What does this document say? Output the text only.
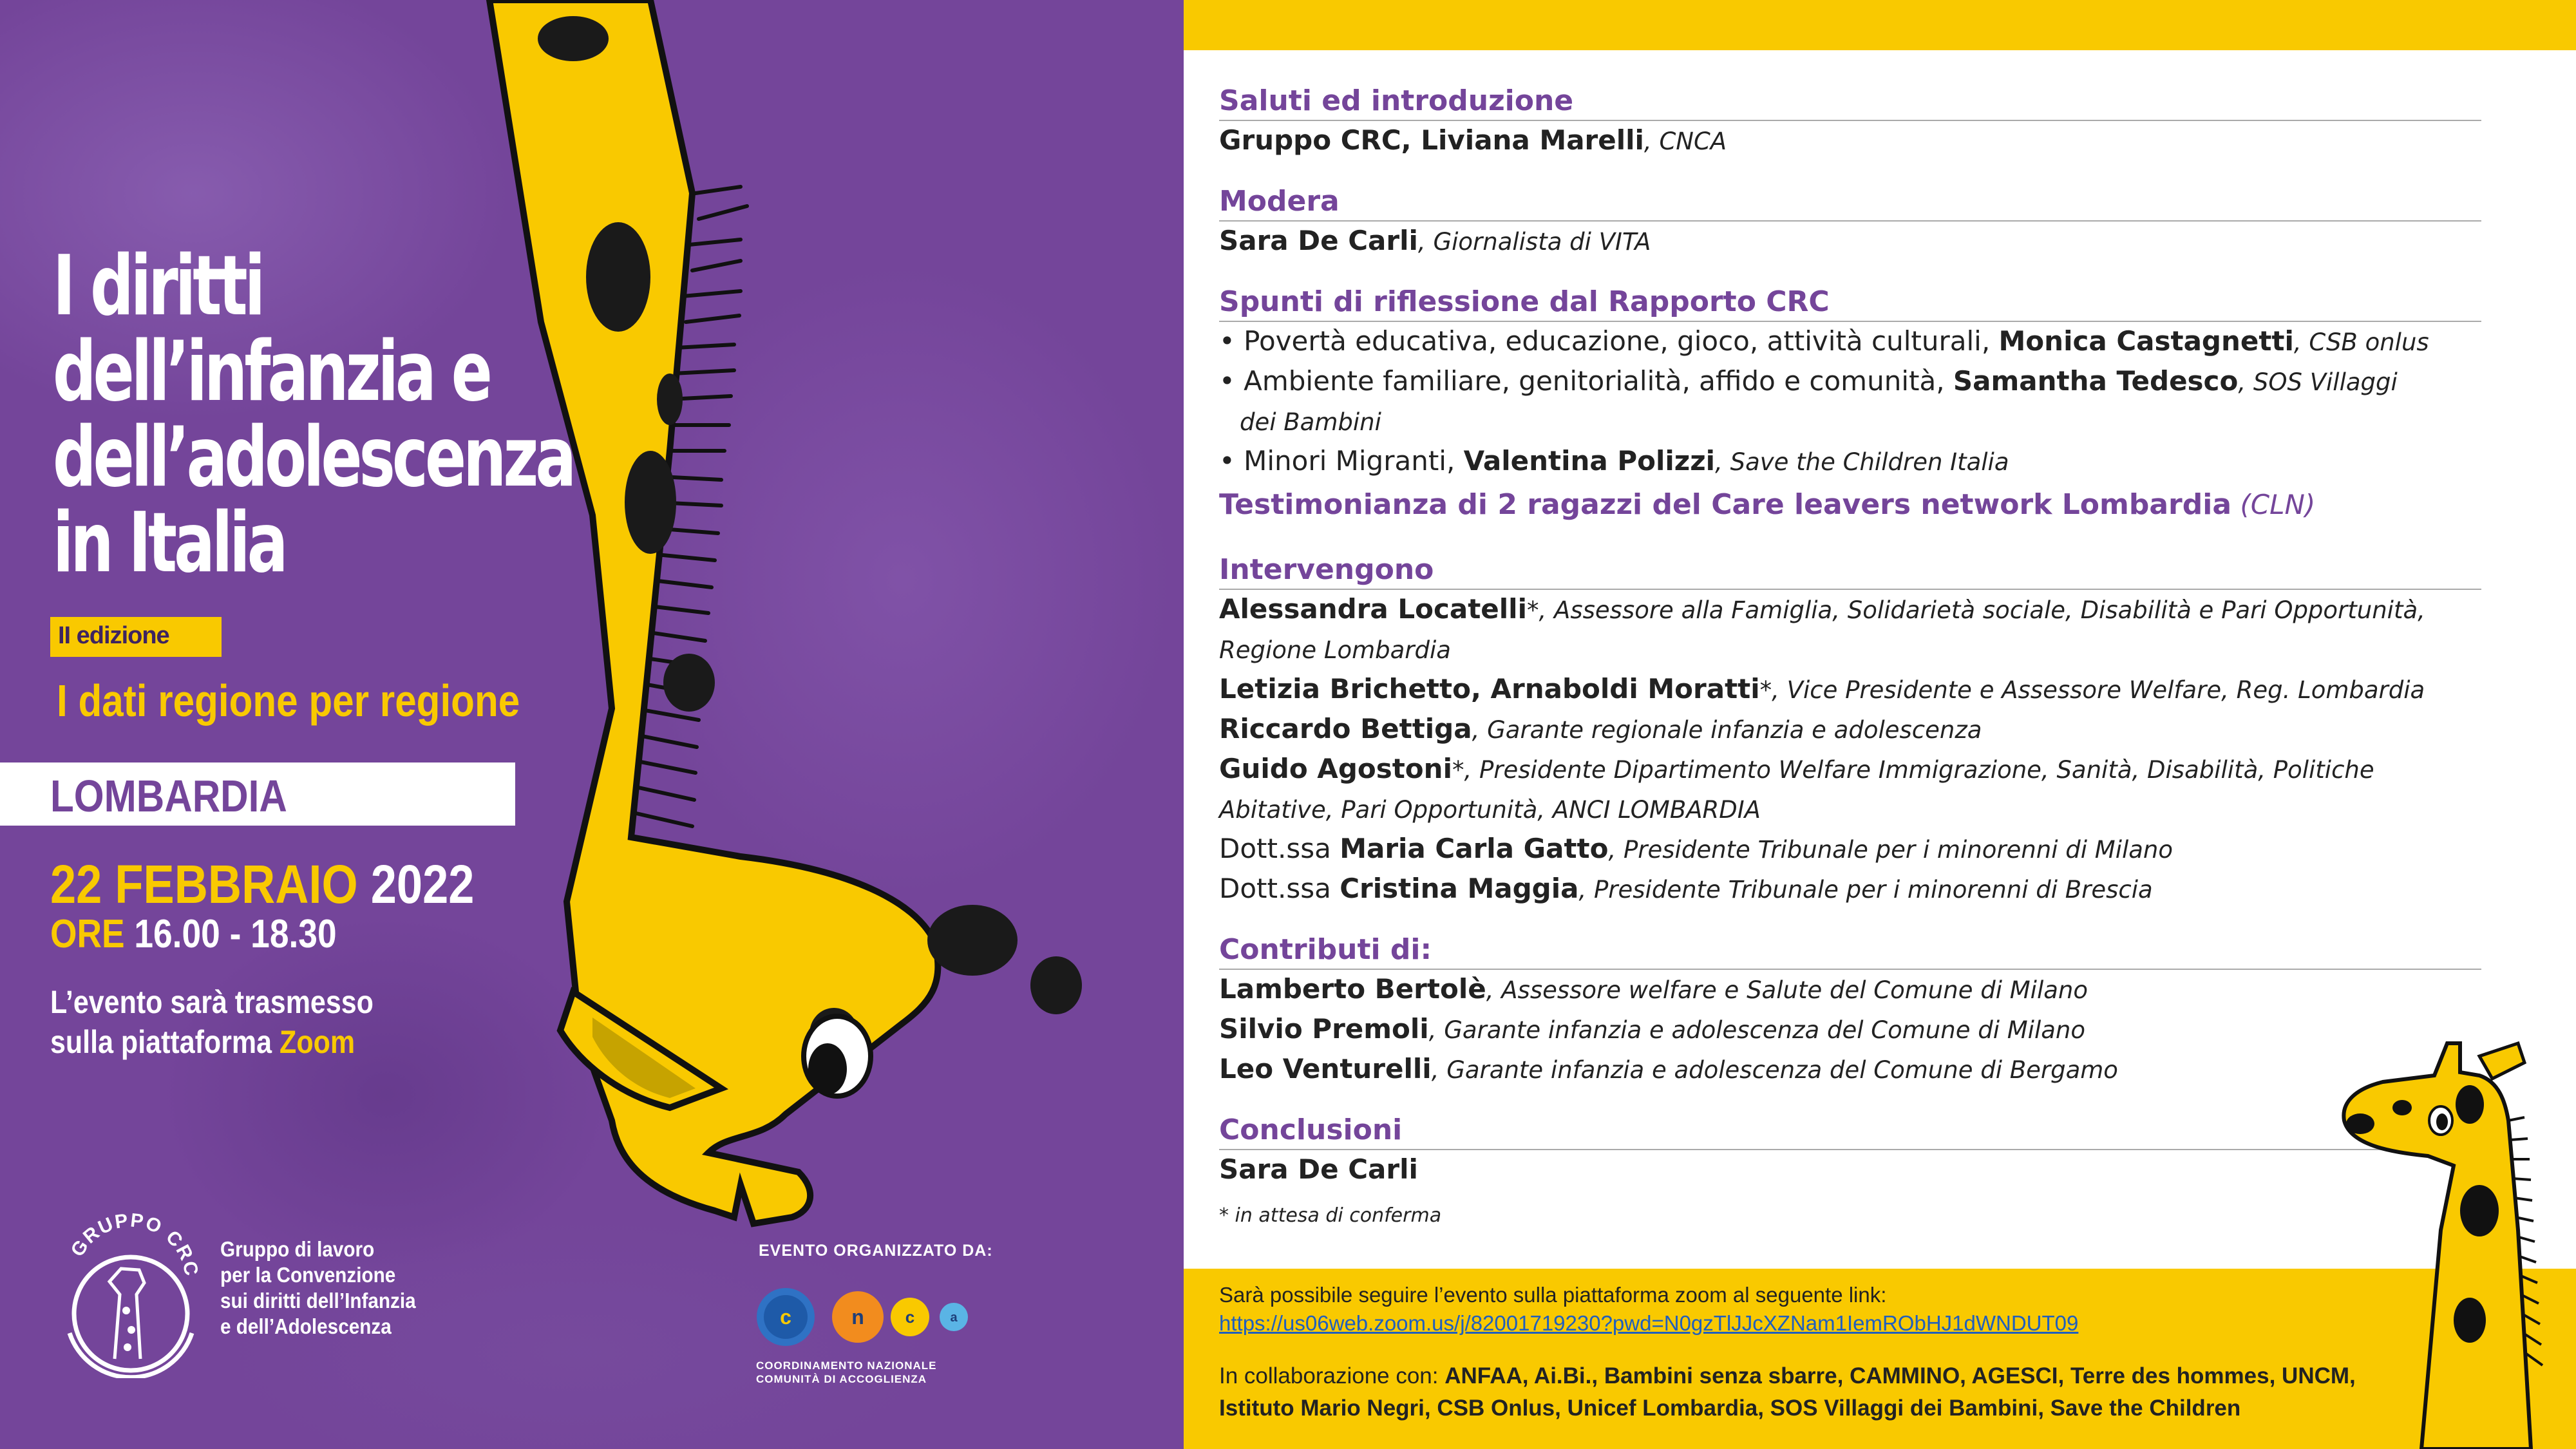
I diritti
dell’infanzia e
dell’adolescenza
in Italia
II edizione
I dati regione per regione
LOMBARDIA
22 FEBBRAIO 2022
ORE 16.00 - 18.30
L’evento sarà trasmesso
sulla piattaforma Zoom
GRUPPO CRC
Gruppo di lavoro
per la Convenzione
sui diritti dell’Infanzia
e dell’Adolescenza
EVENTO ORGANIZZATO DA:
c	n c	a
COORDINAMENTO NAZIONALE
COMUNITÀ DI ACCOGLIENZA
Saluti ed introduzione
Gruppo CRC, Liviana Marelli, CNCA
Modera
Sara De Carli, Giornalista di VITA
Spunti di riflessione dal Rapporto CRC
• Povertà educativa, educazione, gioco, attività culturali, Monica Castagnetti, CSB onlus
• Ambiente familiare, genitorialità, affido e comunità, Samantha Tedesco, SOS Villaggi
dei Bambini
• Minori Migranti, Valentina Polizzi, Save the Children Italia
Testimonianza di 2 ragazzi del Care leavers network Lombardia (CLN)
Intervengono
Alessandra Locatelli*, Assessore alla Famiglia, Solidarietà sociale, Disabilità e Pari Opportunità,
Regione Lombardia
Letizia Brichetto, Arnaboldi Moratti*, Vice Presidente e Assessore Welfare, Reg. Lombardia
Riccardo Bettiga, Garante regionale infanzia e adolescenza
Guido Agostoni*, Presidente Dipartimento Welfare Immigrazione, Sanità, Disabilità, Politiche
Abitative, Pari Opportunità, ANCI LOMBARDIA
Dott.ssa Maria Carla Gatto, Presidente Tribunale per i minorenni di Milano
Dott.ssa Cristina Maggia, Presidente Tribunale per i minorenni di Brescia
Contributi di:
Lamberto Bertolè, Assessore welfare e Salute del Comune di Milano
Silvio Premoli, Garante infanzia e adolescenza del Comune di Milano
Leo Venturelli, Garante infanzia e adolescenza del Comune di Bergamo
Conclusioni
Sara De Carli
* in attesa di conferma
Sarà possibile seguire l’evento sulla piattaforma zoom al seguente link:
https://us06web.zoom.us/j/82001719230?pwd=N0gzTlJJcXZNam1IemRObHJ1dWNDUT09
In collaborazione con: ANFAA, Ai.Bi., Bambini senza sbarre, CAMMINO, AGESCI, Terre des hommes, UNCM,
Istituto Mario Negri, CSB Onlus, Unicef Lombardia, SOS Villaggi dei Bambini, Save the Children
